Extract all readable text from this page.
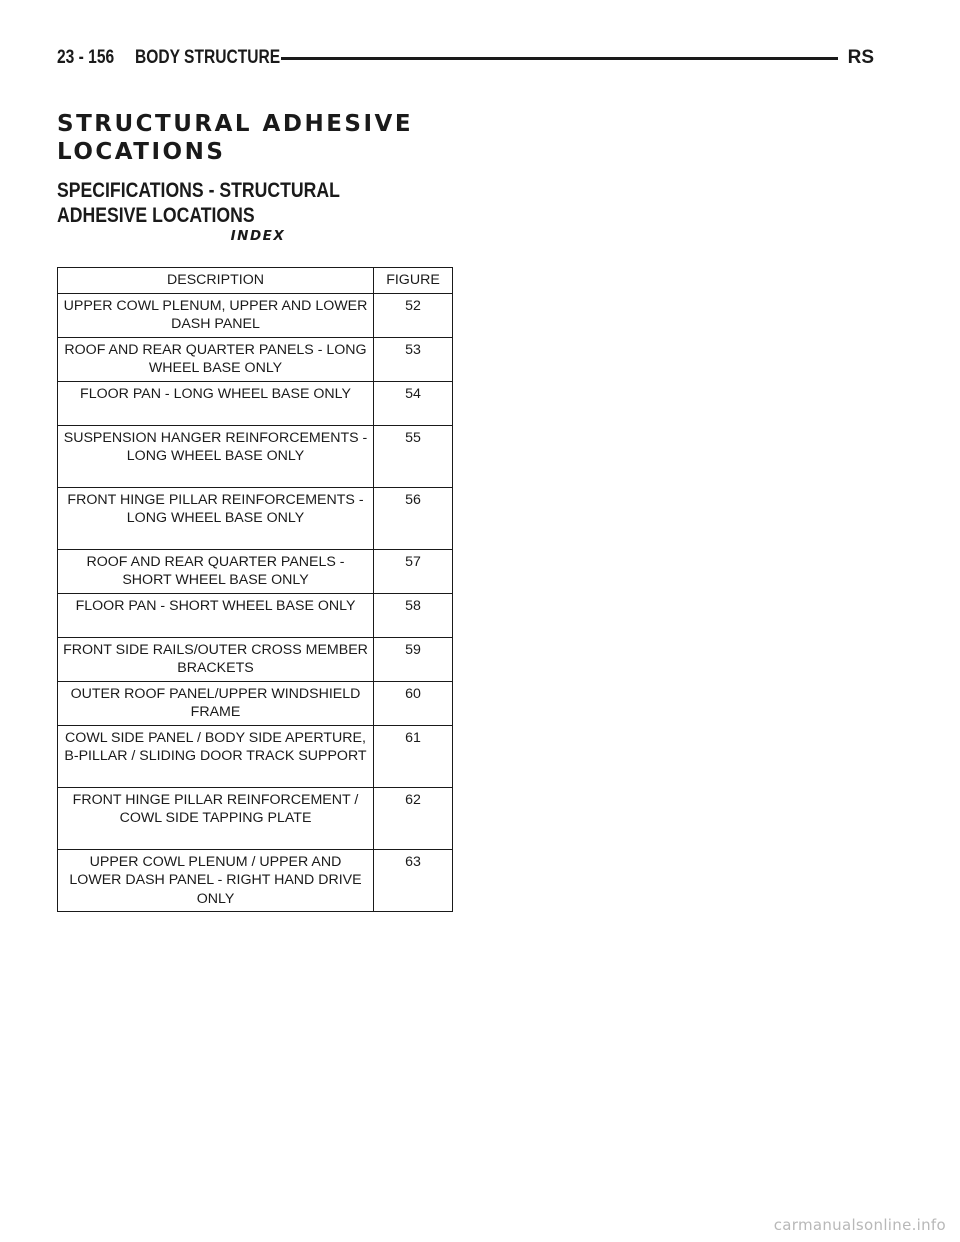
23 - 156	BODY STRUCTURE	RS
STRUCTURAL ADHESIVE LOCATIONS
SPECIFICATIONS - STRUCTURAL ADHESIVE LOCATIONS
INDEX
DESCRIPTION	FIGURE
UPPER COWL PLENUM, UPPER AND LOWER DASH PANEL	52
ROOF AND REAR QUARTER PANELS - LONG WHEEL BASE ONLY	53
FLOOR PAN - LONG WHEEL BASE ONLY	54
SUSPENSION HANGER REINFORCEMENTS - LONG WHEEL BASE ONLY	55
FRONT HINGE PILLAR REINFORCEMENTS - LONG WHEEL BASE ONLY	56
ROOF AND REAR QUARTER PANELS - SHORT WHEEL BASE ONLY	57
FLOOR PAN - SHORT WHEEL BASE ONLY	58
FRONT SIDE RAILS/OUTER CROSS MEMBER BRACKETS	59
OUTER ROOF PANEL/UPPER WINDSHIELD FRAME	60
COWL SIDE PANEL / BODY SIDE APERTURE, B-PILLAR / SLIDING DOOR TRACK SUPPORT	61
FRONT HINGE PILLAR REINFORCEMENT / COWL SIDE TAPPING PLATE	62
UPPER COWL PLENUM / UPPER AND LOWER DASH PANEL - RIGHT HAND DRIVE ONLY	63
carmanualsonline.info
